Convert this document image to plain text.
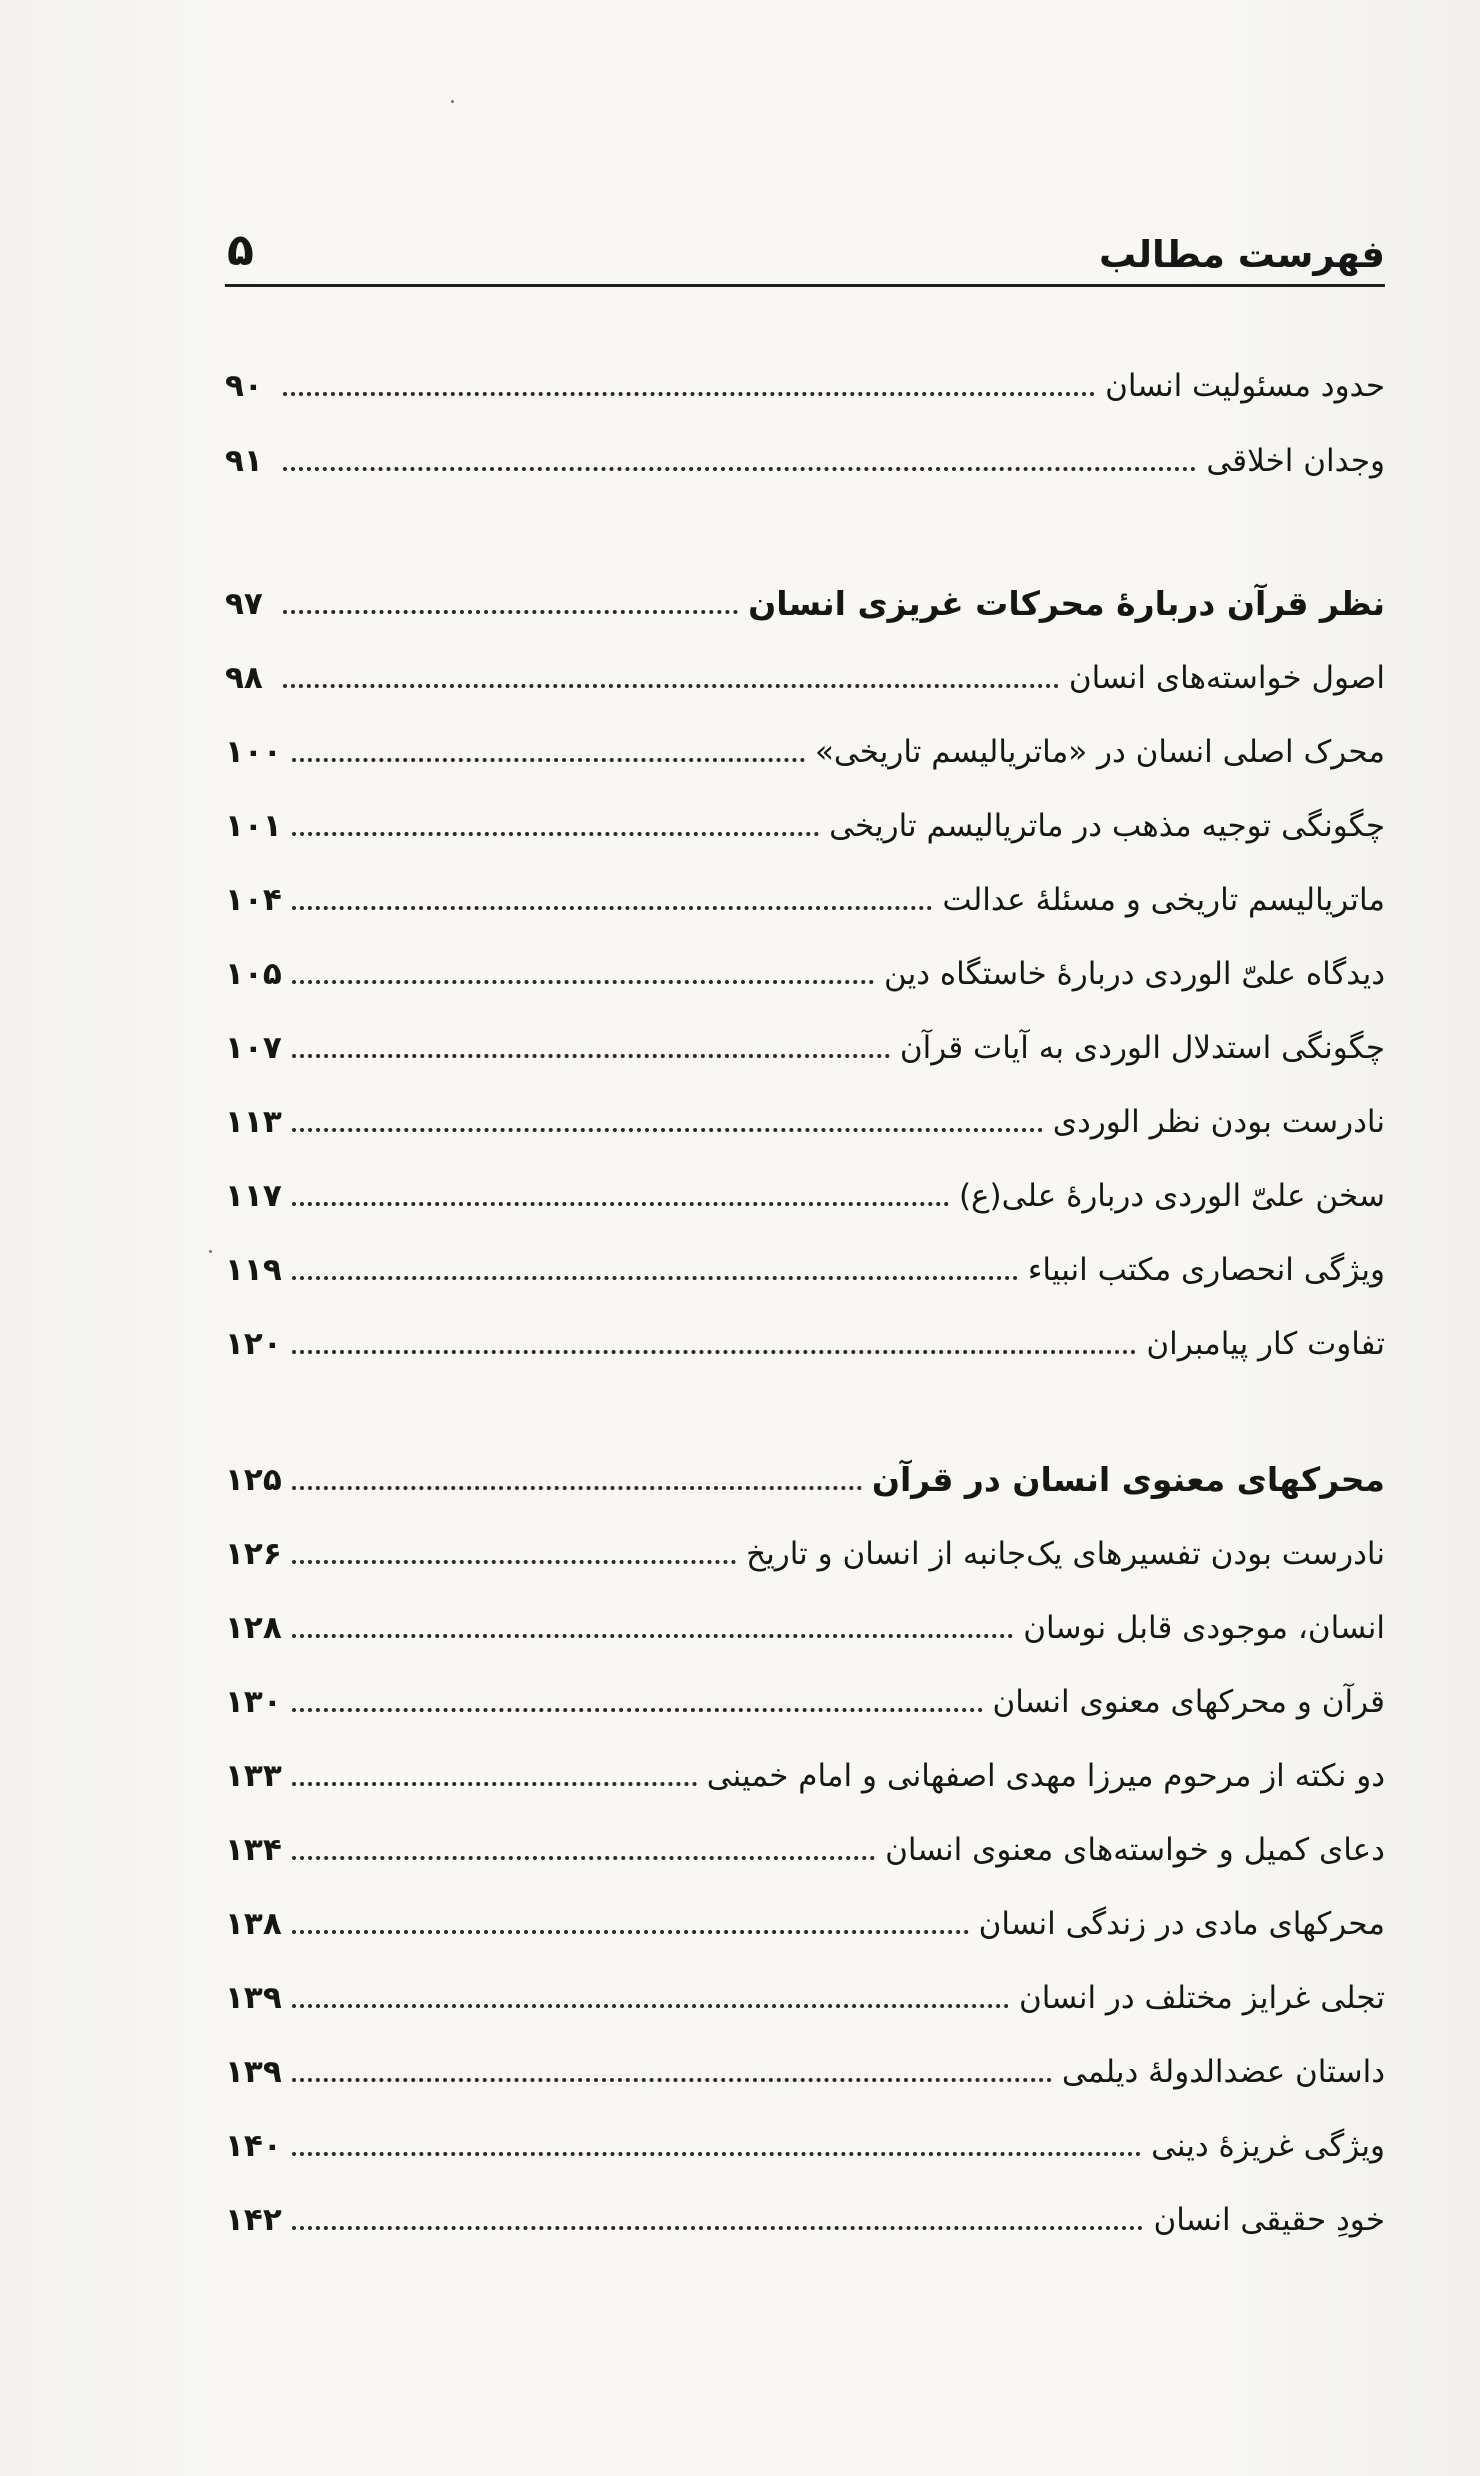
فهرست مطالب
۵
حدود مسئولیت انسان
۹۰
وجدان اخلاقی
۹۱
نظر قرآن دربارهٔ محرکات غریزی انسان
۹۷
اصول خواسته‌های انسان
۹۸
محرک اصلی انسان در «ماتریالیسم تاریخی»
۱۰۰
چگونگی توجیه مذهب در ماتریالیسم تاریخی
۱۰۱
ماتریالیسم تاریخی و مسئلهٔ عدالت
۱۰۴
دیدگاه علیّ الوردی دربارهٔ خاستگاه دین
۱۰۵
چگونگی استدلال الوردی به آیات قرآن
۱۰۷
نادرست بودن نظر الوردی
۱۱۳
سخن علیّ الوردی دربارهٔ علی(ع)
۱۱۷
ویژگی انحصاری مکتب انبیاء
۱۱۹
تفاوت کار پیامبران
۱۲۰
محرکهای معنوی انسان در قرآن
۱۲۵
نادرست بودن تفسیرهای یک‌جانبه از انسان و تاریخ
۱۲۶
انسان، موجودی قابل نوسان
۱۲۸
قرآن و محرکهای معنوی انسان
۱۳۰
دو نکته از مرحوم میرزا مهدی اصفهانی و امام خمینی
۱۳۳
دعای کمیل و خواسته‌های معنوی انسان
۱۳۴
محرکهای مادی در زندگی انسان
۱۳۸
تجلی غرایز مختلف در انسان
۱۳۹
داستان عضدالدولهٔ دیلمی
۱۳۹
ویژگی غریزهٔ دینی
۱۴۰
خودِ حقیقی انسان
۱۴۲
